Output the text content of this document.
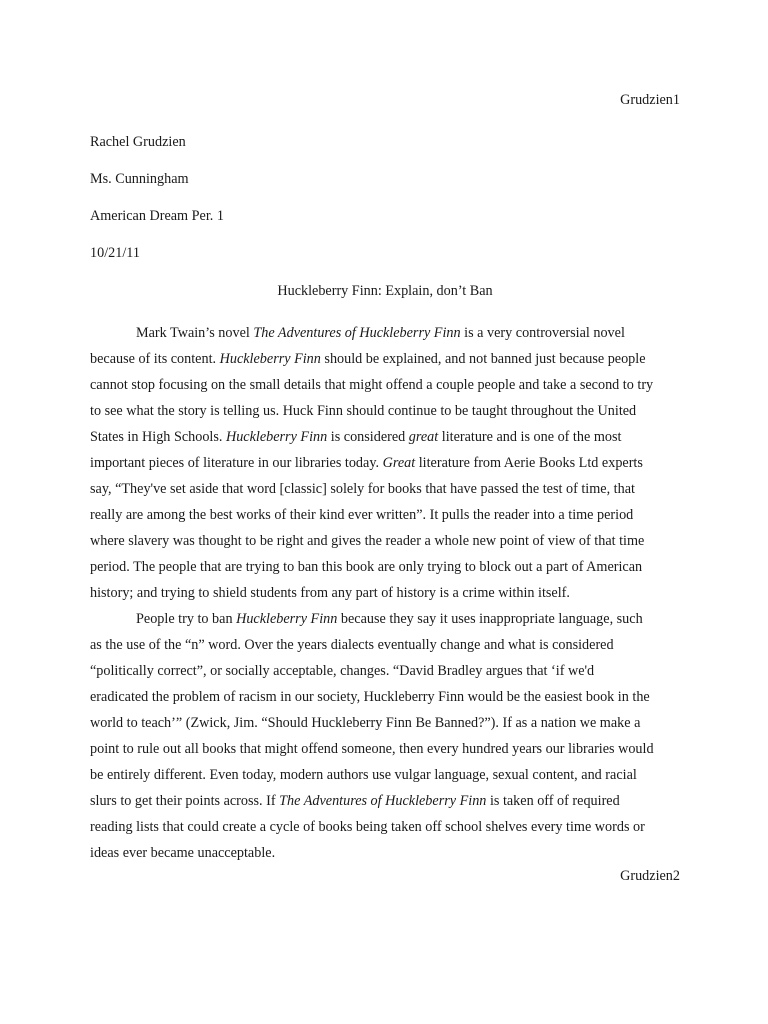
Grudzien1
Rachel Grudzien
Ms. Cunningham
American Dream Per. 1
10/21/11
Huckleberry Finn: Explain, don’t Ban
Mark Twain’s novel The Adventures of Huckleberry Finn is a very controversial novel
because of its content. Huckleberry Finn should be explained, and not banned just because people
cannot stop focusing on the small details that might offend a couple people and take a second to try
to see what the story is telling us. Huck Finn should continue to be taught throughout the United
States in High Schools. Huckleberry Finn is considered great literature and is one of the most
important pieces of literature in our libraries today. Great literature from Aerie Books Ltd experts
say, “They've set aside that word [classic] solely for books that have passed the test of time, that
really are among the best works of their kind ever written”. It pulls the reader into a time period
where slavery was thought to be right and gives the reader a whole new point of view of that time
period. The people that are trying to ban this book are only trying to block out a part of American
history; and trying to shield students from any part of history is a crime within itself.
People try to ban Huckleberry Finn because they say it uses inappropriate language, such
as the use of the “n” word. Over the years dialects eventually change and what is considered
“politically correct”, or socially acceptable, changes. “David Bradley argues that ‘if we'd
eradicated the problem of racism in our society, Huckleberry Finn would be the easiest book in the
world to teach’” (Zwick, Jim. “Should Huckleberry Finn Be Banned?”). If as a nation we make a
point to rule out all books that might offend someone, then every hundred years our libraries would
be entirely different. Even today, modern authors use vulgar language, sexual content, and racial
slurs to get their points across. If The Adventures of Huckleberry Finn is taken off of required
reading lists that could create a cycle of books being taken off school shelves every time words or
ideas ever became unacceptable.
Grudzien2
